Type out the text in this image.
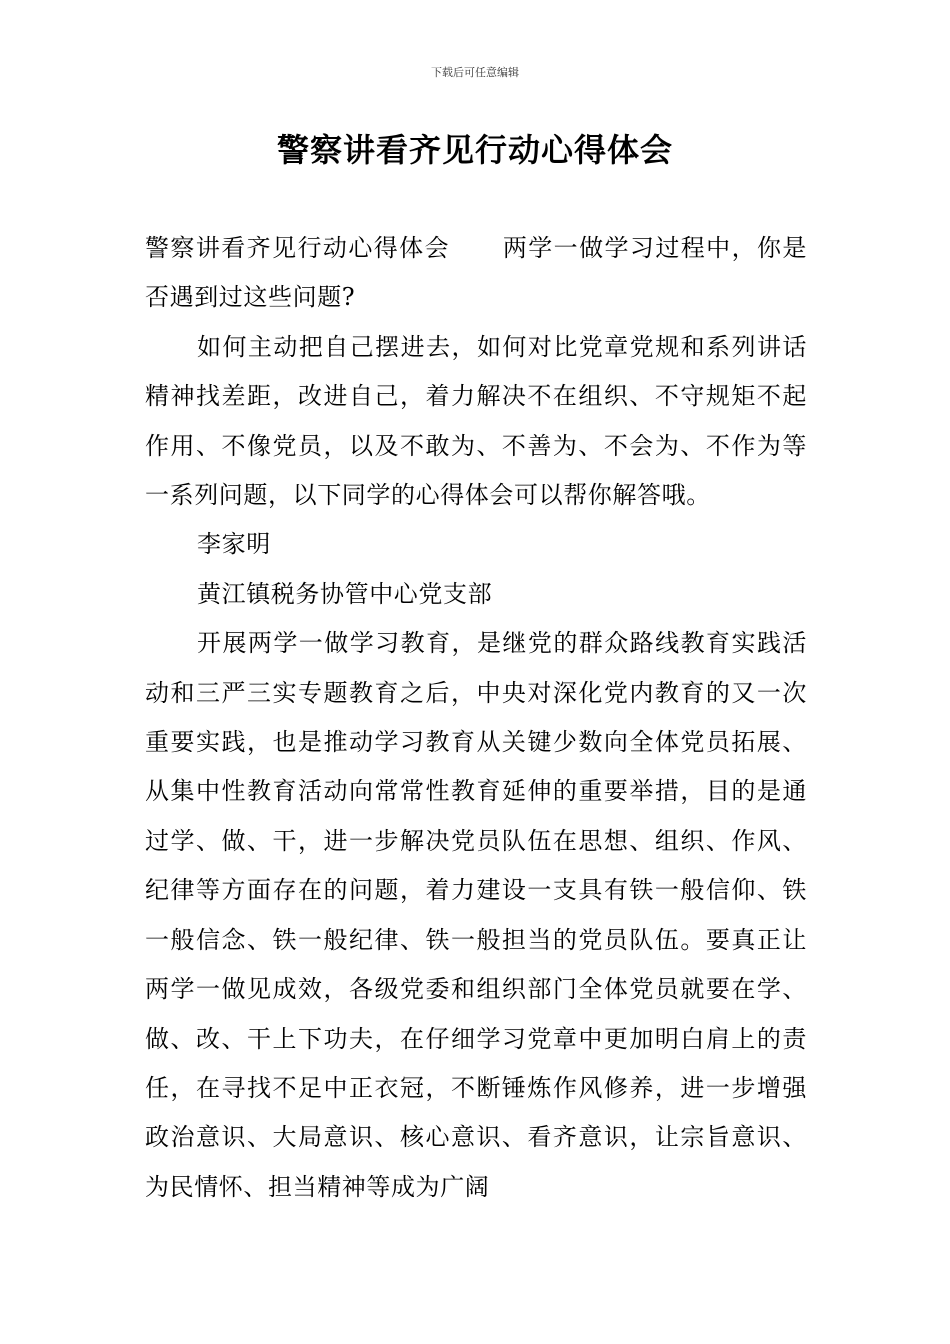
下载后可任意编辑
警察讲看齐见行动心得体会

警察讲看齐见行动心得体会 两学一做学习过程中，你是否遇到过这些问题?

如何主动把自己摆进去，如何对比党章党规和系列讲话精神找差距，改进自己，着力解决不在组织、不守规矩不起作用、不像党员，以及不敢为、不善为、不会为、不作为等一系列问题，以下同学的心得体会可以帮你解答哦。

李家明

黄江镇税务协管中心党支部

开展两学一做学习教育，是继党的群众路线教育实践活动和三严三实专题教育之后，中央对深化党内教育的又一次重要实践，也是推动学习教育从关键少数向全体党员拓展、从集中性教育活动向常常性教育延伸的重要举措，目的是通过学、做、干，进一步解决党员队伍在思想、组织、作风、纪律等方面存在的问题，着力建设一支具有铁一般信仰、铁一般信念、铁一般纪律、铁一般担当的党员队伍。要真正让两学一做见成效，各级党委和组织部门全体党员就要在学、做、改、干上下功夫，在仔细学习党章中更加明白肩上的责任，在寻找不足中正衣冠，不断锤炼作风修养，进一步增强政治意识、大局意识、核心意识、看齐意识，让宗旨意识、为民情怀、担当精神等成为广阔
